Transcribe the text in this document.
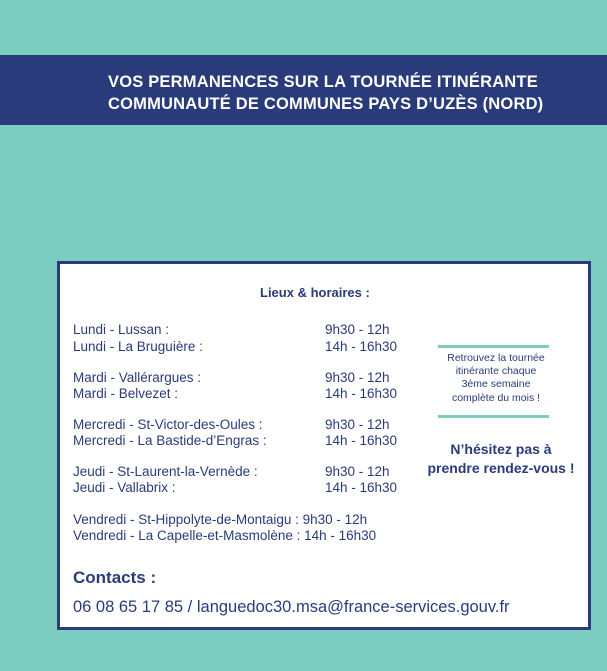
VOS PERMANENCES SUR LA TOURNÉE ITINÉRANTE
COMMUNAUTÉ DE COMMUNES PAYS D’UZÈS (NORD)
Lieux & horaires :
Lundi - Lussan :	9h30 - 12h
Lundi - La Bruguière :	14h - 16h30
Mardi - Vallérargues :	9h30 - 12h
Mardi - Belvezet :	14h - 16h30
Mercredi - St-Victor-des-Oules :	9h30 - 12h
Mercredi - La Bastide-d’Engras :	14h - 16h30
Jeudi - St-Laurent-la-Vernède :	9h30 - 12h
Jeudi - Vallabrix :	14h - 16h30
Vendredi - St-Hippolyte-de-Montaigu : 9h30 - 12h
Vendredi - La Capelle-et-Masmolène : 14h - 16h30
Retrouvez la tournée
itinérante chaque
3ème semaine
complète du mois !
N’hésitez pas à
prendre rendez-vous !
Contacts :
06 08 65 17 85 / languedoc30.msa@france-services.gouv.fr
